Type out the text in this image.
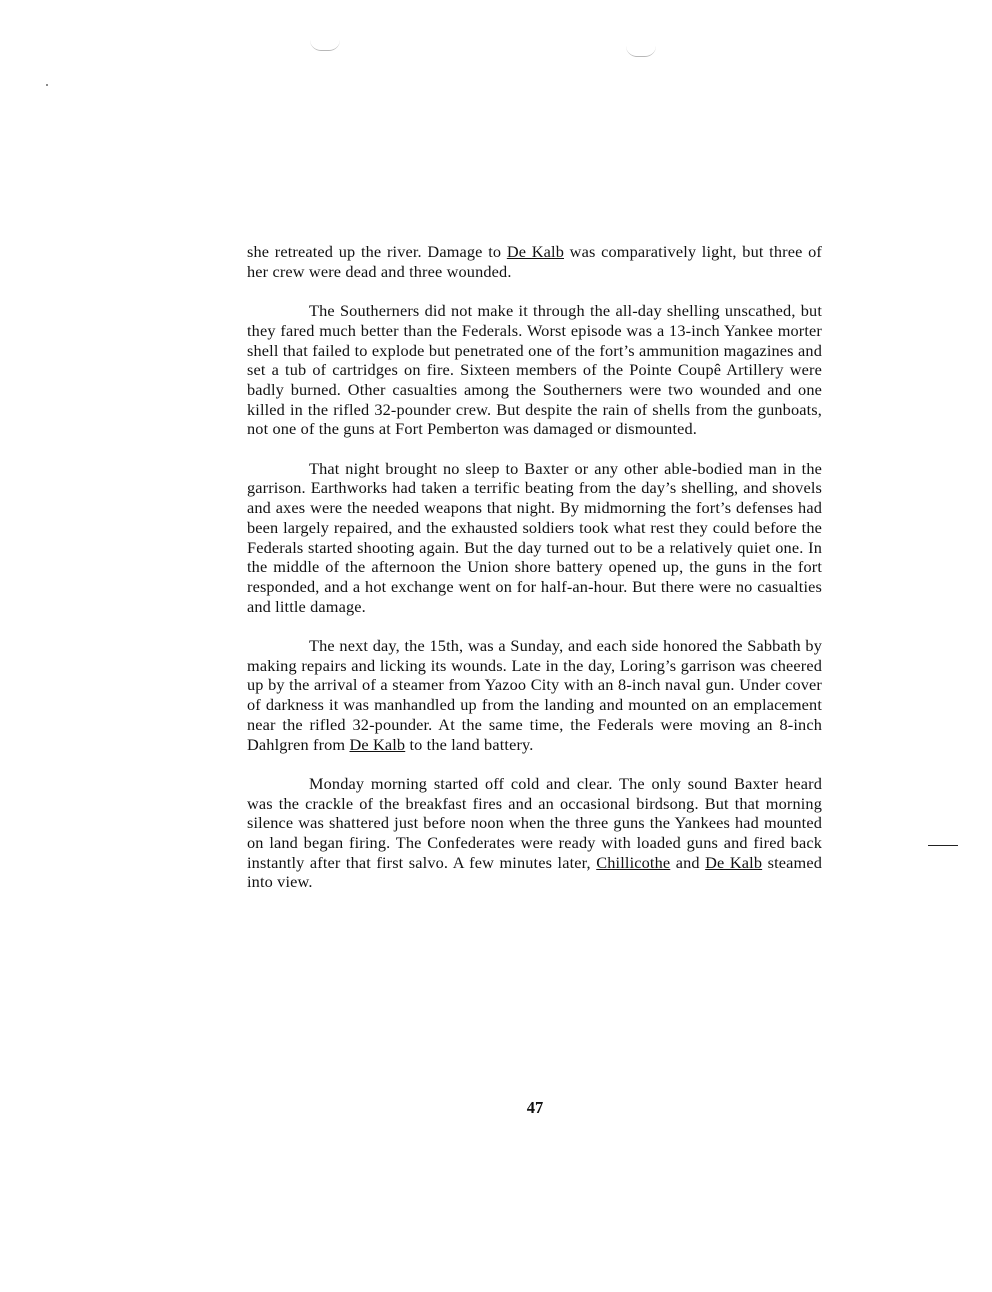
she retreated up the river. Damage to De Kalb was comparatively light, but three of her crew were dead and three wounded.

The Southerners did not make it through the all-day shelling unscathed, but they fared much better than the Federals. Worst episode was a 13-inch Yankee morter shell that failed to explode but penetrated one of the fort’s ammunition magazines and set a tub of cartridges on fire. Sixteen members of the Pointe Coupê Artillery were badly burned. Other casualties among the Southerners were two wounded and one killed in the rifled 32-pounder crew. But despite the rain of shells from the gunboats, not one of the guns at Fort Pemberton was damaged or dismounted.

That night brought no sleep to Baxter or any other able-bodied man in the garrison. Earthworks had taken a terrific beating from the day’s shelling, and shovels and axes were the needed weapons that night. By midmorning the fort’s defenses had been largely repaired, and the exhausted soldiers took what rest they could before the Federals started shooting again. But the day turned out to be a relatively quiet one. In the middle of the afternoon the Union shore battery opened up, the guns in the fort responded, and a hot exchange went on for half-an-hour. But there were no casualties and little damage.

The next day, the 15th, was a Sunday, and each side honored the Sabbath by making repairs and licking its wounds. Late in the day, Loring’s garrison was cheered up by the arrival of a steamer from Yazoo City with an 8-inch naval gun. Under cover of darkness it was manhandled up from the landing and mounted on an emplacement near the rifled 32-pounder. At the same time, the Federals were moving an 8-inch Dahlgren from De Kalb to the land battery.

Monday morning started off cold and clear. The only sound Baxter heard was the crackle of the breakfast fires and an occasional birdsong. But that morning silence was shattered just before noon when the three guns the Yankees had mounted on land began firing. The Confederates were ready with loaded guns and fired back instantly after that first salvo. A few minutes later, Chillicothe and De Kalb steamed into view.

47
